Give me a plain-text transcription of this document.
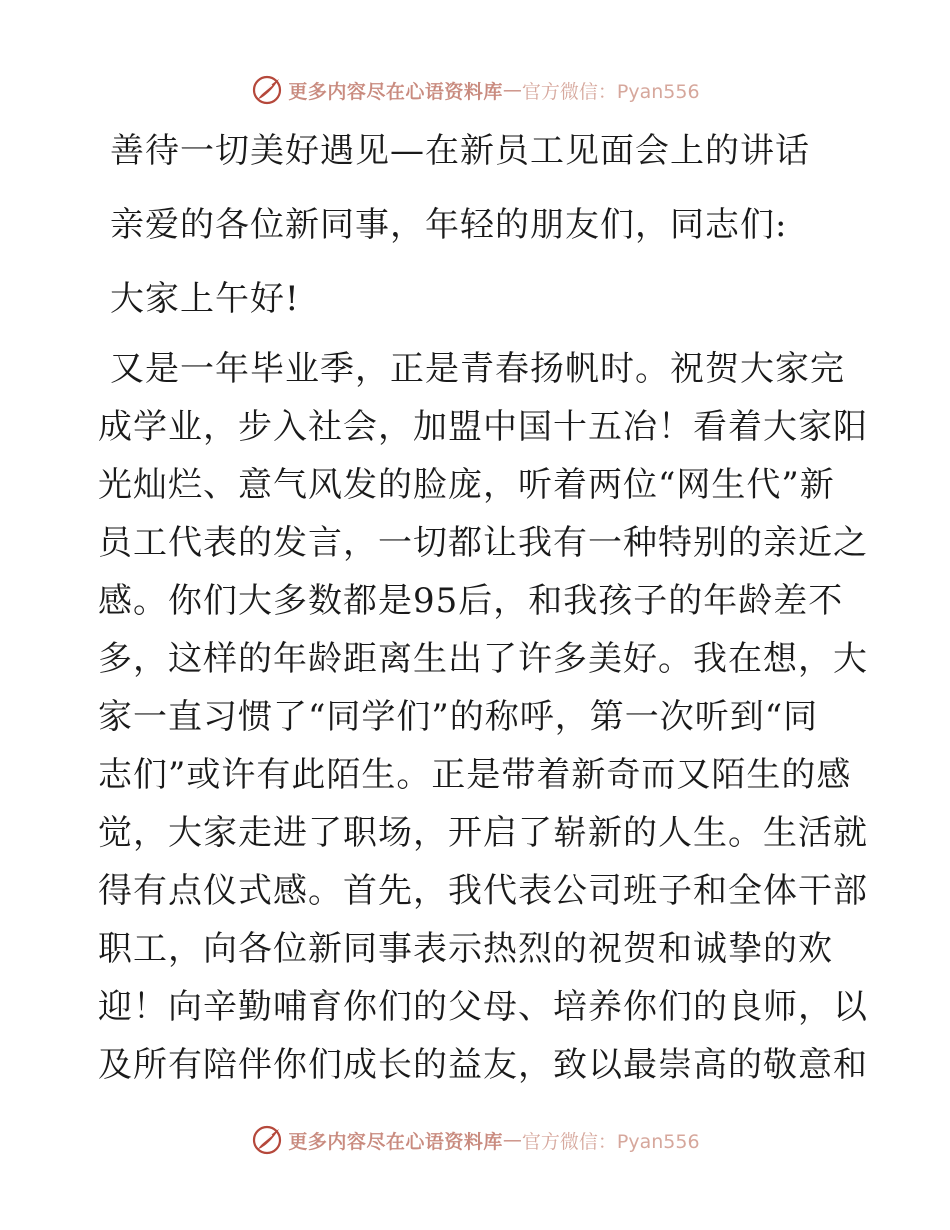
更多内容尽在心语资料库 — 官方微信：Pyan556
善待一切美好遇见—在新员工见面会上的讲话
亲爱的各位新同事，年轻的朋友们，同志们:
大家上午好!
又是一年毕业季，正是青春扬帆时。祝贺大家完
成学业，步入社会，加盟中国十五冶！看着大家阳
光灿烂、意气风发的脸庞，听着两位“网生代”新
员工代表的发言，一切都让我有一种特别的亲近之
感。你们大多数都是95后，和我孩子的年龄差不
多，这样的年龄距离生出了许多美好。我在想，大
家一直习惯了“同学们”的称呼，第一次听到“同
志们”或许有此陌生。正是带着新奇而又陌生的感
觉，大家走进了职场，开启了崭新的人生。生活就
得有点仪式感。首先，我代表公司班子和全体干部
职工，向各位新同事表示热烈的祝贺和诚挚的欢
迎！向辛勤哺育你们的父母、培养你们的良师，以
及所有陪伴你们成长的益友，致以最崇高的敬意和
更多内容尽在心语资料库 — 官方微信：Pyan556
